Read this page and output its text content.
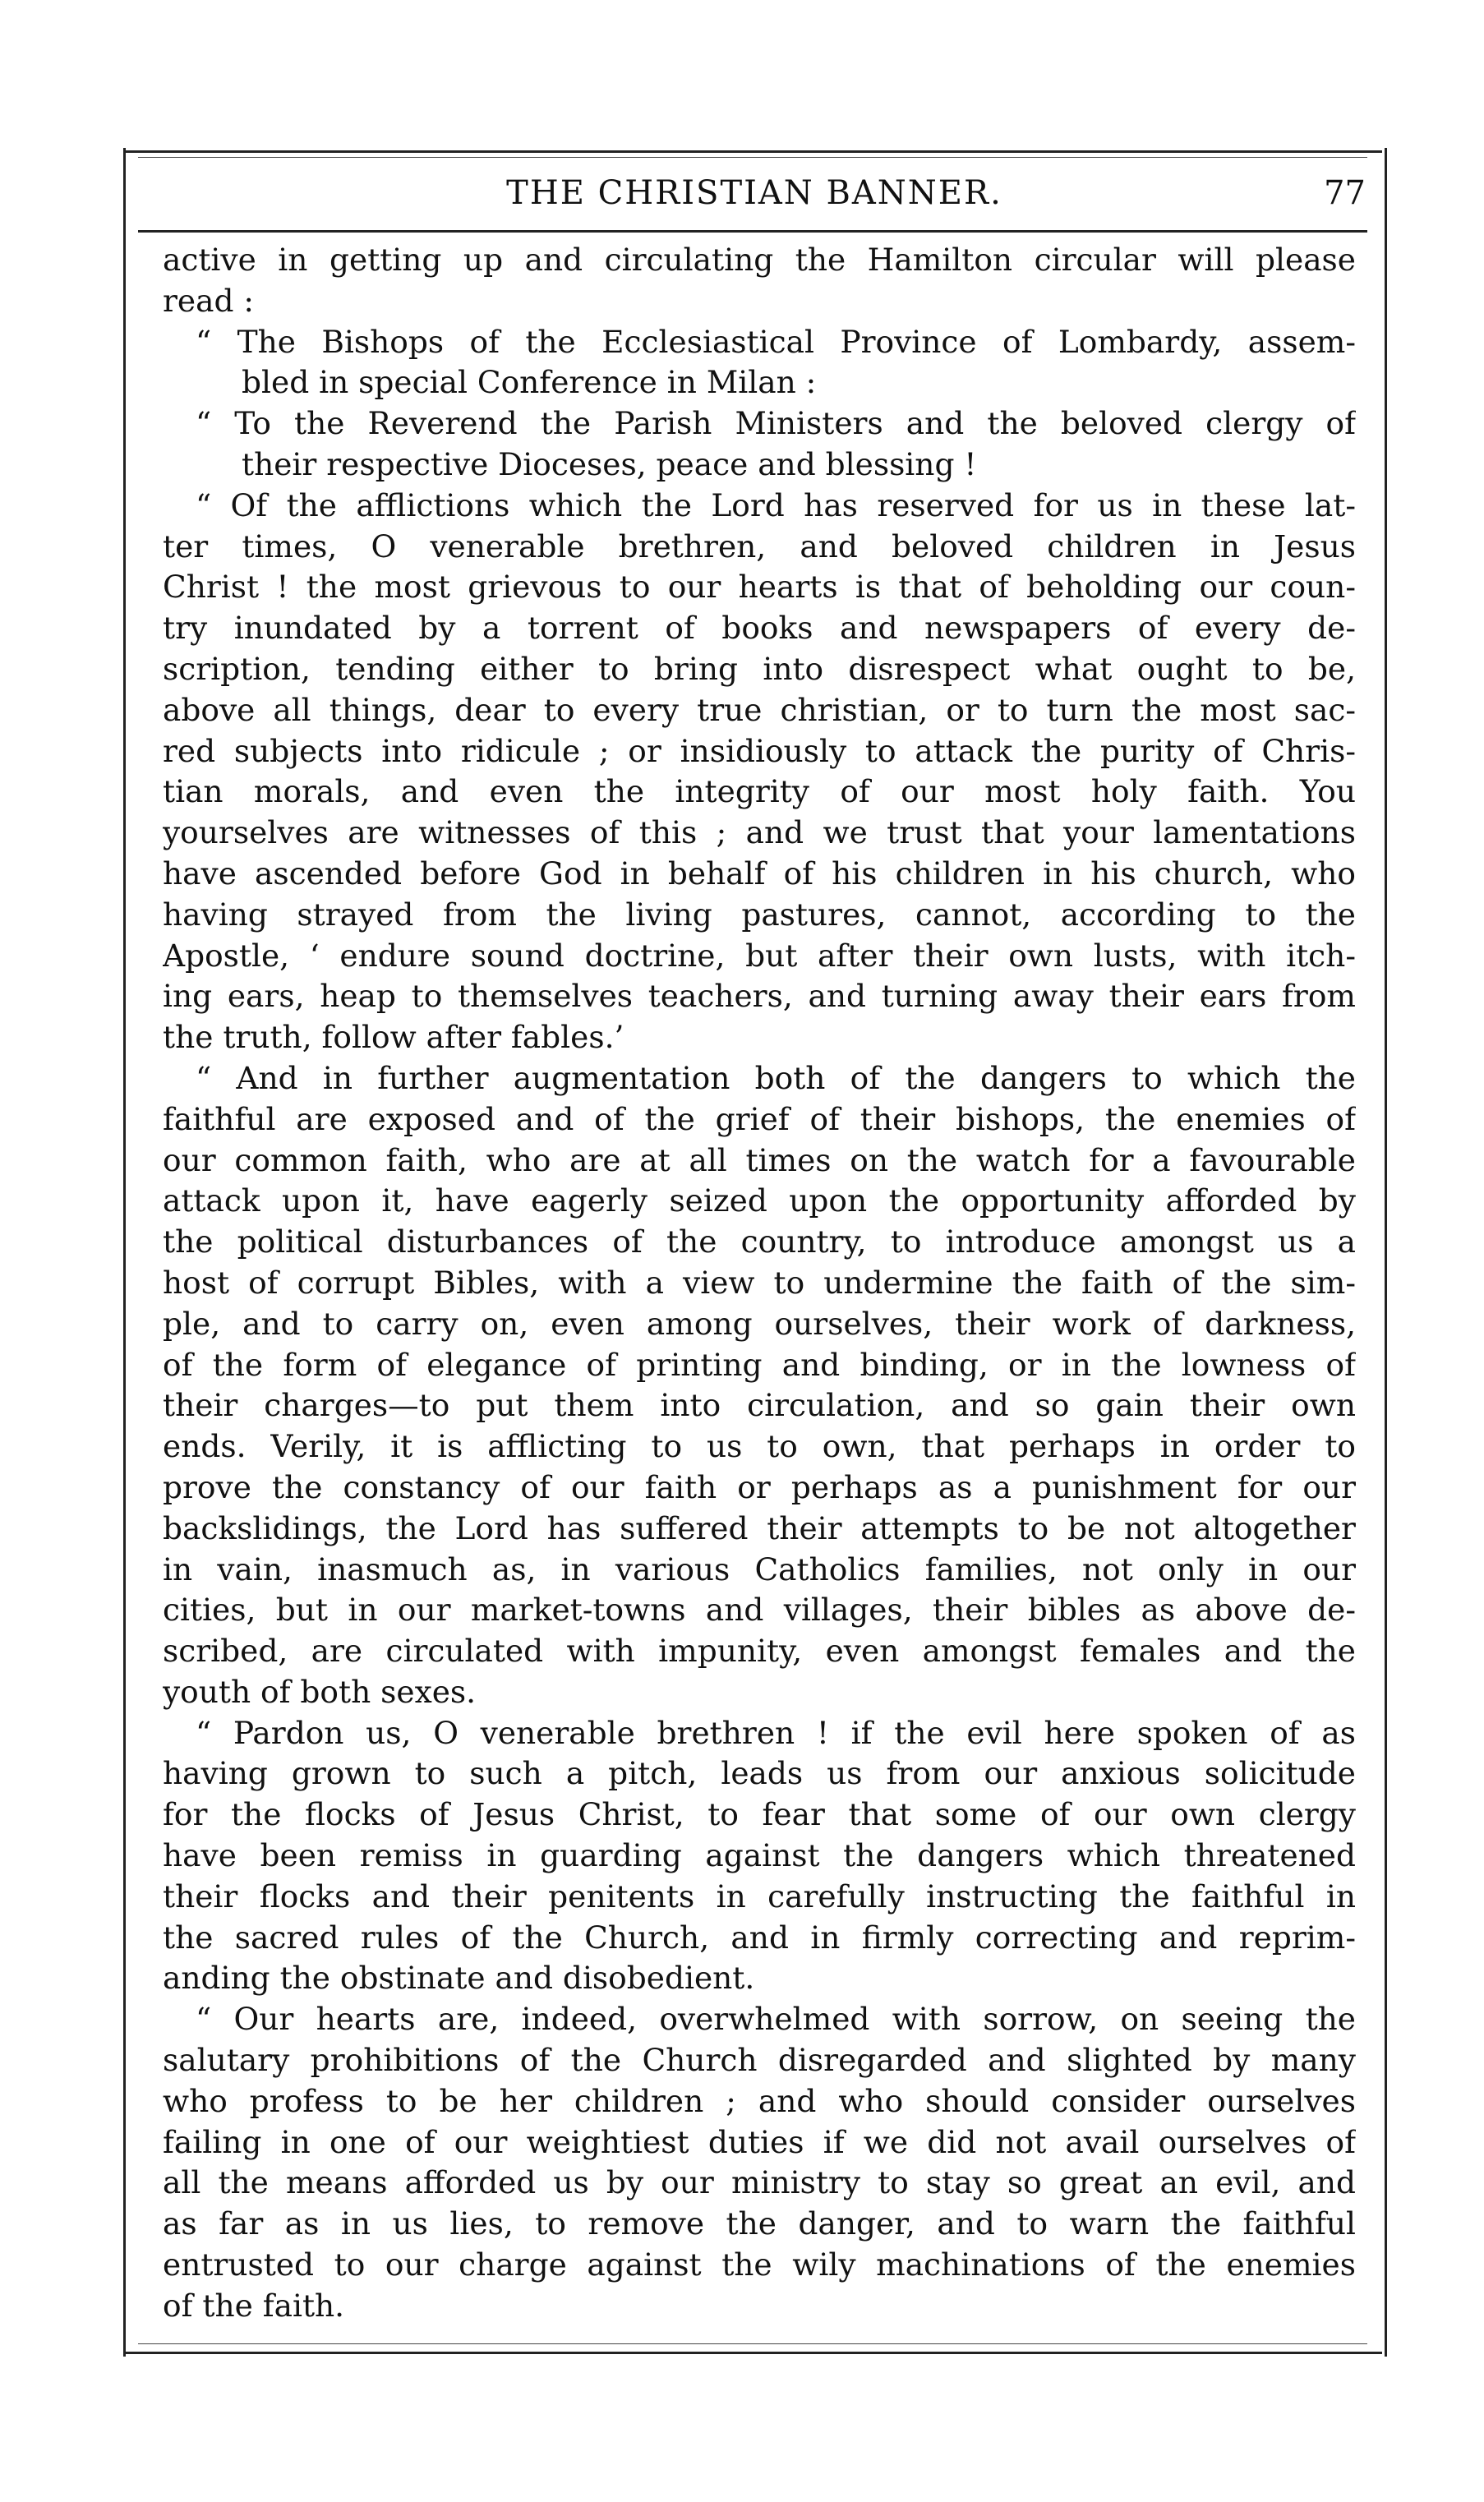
THE CHRISTIAN BANNER.	77
active in getting up and circulating the Hamilton circular will please
read :
“ The Bishops of the Ecclesiastical Province of Lombardy, assem-
bled in special Conference in Milan :
“ To the Reverend the Parish Ministers and the beloved clergy of
their respective Dioceses, peace and blessing !
“ Of the afflictions which the Lord has reserved for us in these lat-
ter times, O venerable brethren, and beloved children in Jesus
Christ ! the most grievous to our hearts is that of beholding our coun-
try inundated by a torrent of books and newspapers of every de-
scription, tending either to bring into disrespect what ought to be,
above all things, dear to every true christian, or to turn the most sac-
red subjects into ridicule ; or insidiously to attack the purity of Chris-
tian morals, and even the integrity of our most holy faith. You
yourselves are witnesses of this ; and we trust that your lamentations
have ascended before God in behalf of his children in his church, who
having strayed from the living pastures, cannot, according to the
Apostle, ‘ endure sound doctrine, but after their own lusts, with itch-
ing ears, heap to themselves teachers, and turning away their ears from
the truth, follow after fables.’
“ And in further augmentation both of the dangers to which the
faithful are exposed and of the grief of their bishops, the enemies of
our common faith, who are at all times on the watch for a favourable
attack upon it, have eagerly seized upon the opportunity afforded by
the political disturbances of the country, to introduce amongst us a
host of corrupt Bibles, with a view to undermine the faith of the sim-
ple, and to carry on, even among ourselves, their work of darkness,
of the form of elegance of printing and binding, or in the lowness of
their charges—to put them into circulation, and so gain their own
ends. Verily, it is afflicting to us to own, that perhaps in order to
prove the constancy of our faith or perhaps as a punishment for our
backslidings, the Lord has suffered their attempts to be not altogether
in vain, inasmuch as, in various Catholics families, not only in our
cities, but in our market-towns and villages, their bibles as above de-
scribed, are circulated with impunity, even amongst females and the
youth of both sexes.
“ Pardon us, O venerable brethren ! if the evil here spoken of as
having grown to such a pitch, leads us from our anxious solicitude
for the flocks of Jesus Christ, to fear that some of our own clergy
have been remiss in guarding against the dangers which threatened
their flocks and their penitents in carefully instructing the faithful in
the sacred rules of the Church, and in firmly correcting and reprim-
anding the obstinate and disobedient.
“ Our hearts are, indeed, overwhelmed with sorrow, on seeing the
salutary prohibitions of the Church disregarded and slighted by many
who profess to be her children ; and who should consider ourselves
failing in one of our weightiest duties if we did not avail ourselves of
all the means afforded us by our ministry to stay so great an evil, and
as far as in us lies, to remove the danger, and to warn the faithful
entrusted to our charge against the wily machinations of the enemies
of the faith.
